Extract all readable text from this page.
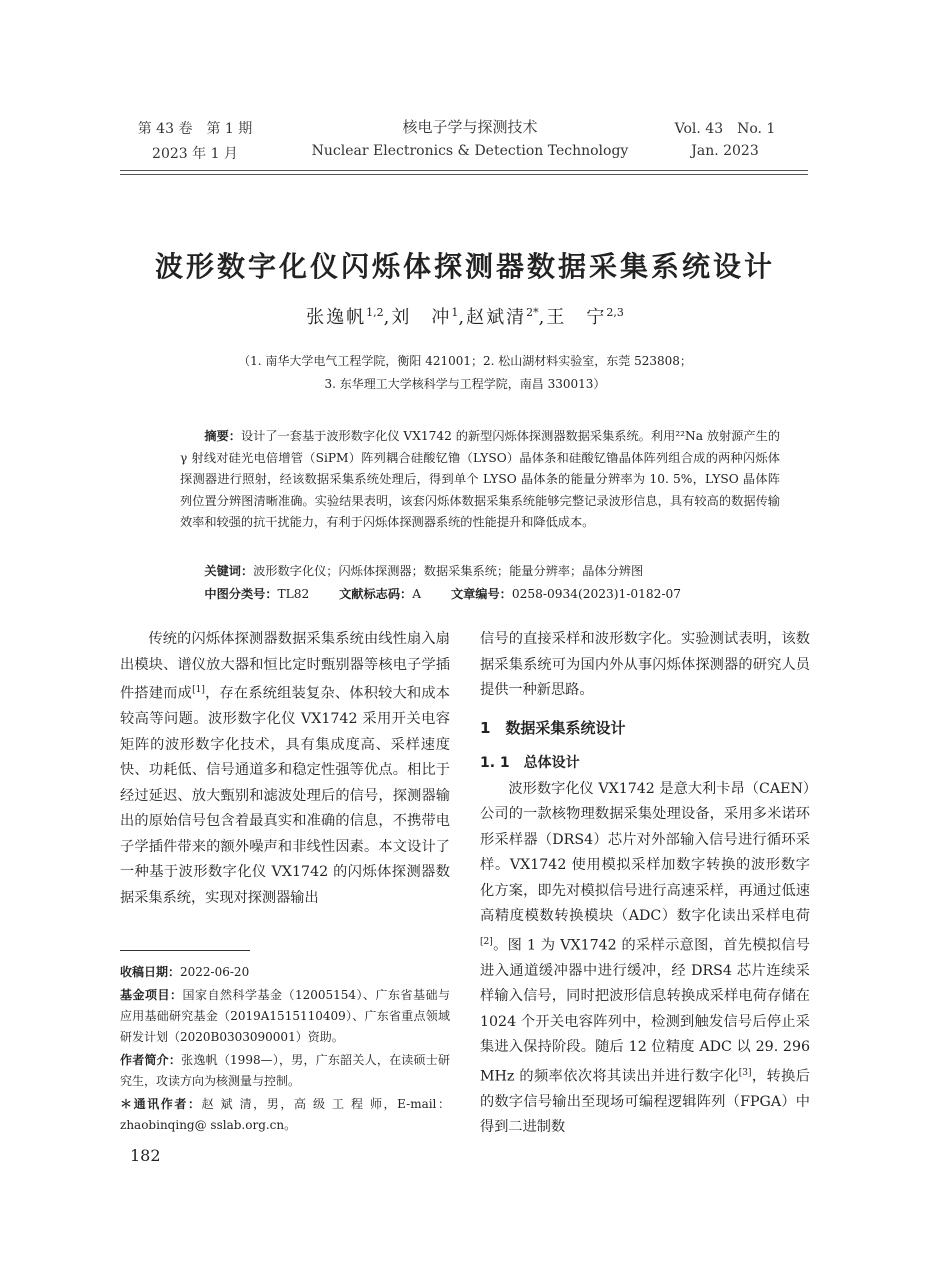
第 43 卷　第 1 期
2023 年 1 月
核电子学与探测技术
Nuclear Electronics & Detection Technology
Vol. 43　No. 1
Jan. 2023
波形数字化仪闪烁体探测器数据采集系统设计
张逸帆$^{1,2}$,刘　冲$^1$,赵斌清$^{2*}$,王　宁$^{2,3}$
（1. 南华大学电气工程学院，衡阳 421001；2. 松山湖材料实验室，东莞 523808；
3. 东华理工大学核科学与工程学院，南昌 330013）
摘要：设计了一套基于波形数字化仪 VX1742 的新型闪烁体探测器数据采集系统。利用²²Na 放射源产生的 γ 射线对硅光电倍增管（SiPM）阵列耦合硅酸钇镥（LYSO）晶体条和硅酸钇镥晶体阵列组合成的两种闪烁体探测器进行照射，经该数据采集系统处理后，得到单个 LYSO 晶体条的能量分辨率为 10. 5%，LYSO 晶体阵列位置分辨图清晰准确。实验结果表明，该套闪烁体数据采集系统能够完整记录波形信息，具有较高的数据传输效率和较强的抗干扰能力，有利于闪烁体探测器系统的性能提升和降低成本。
关键词：波形数字化仪；闪烁体探测器；数据采集系统；能量分辨率；晶体分辨图
中图分类号：TL82 文献标志码：A 文章编号：0258-0934(2023)1-0182-07

传统的闪烁体探测器数据采集系统由线性扇入扇出模块、谱仪放大器和恒比定时甄别器等核电子学插件搭建而成[1]，存在系统组装复杂、体积较大和成本较高等问题。波形数字化仪 VX1742 采用开关电容矩阵的波形数字化技术，具有集成度高、采样速度快、功耗低、信号通道多和稳定性强等优点。相比于经过延迟、放大甄别和滤波处理后的信号，探测器输出的原始信号包含着最真实和准确的信息，不携带电子学插件带来的额外噪声和非线性因素。本文设计了一种基于波形数字化仪 VX1742 的闪烁体探测器数据采集系统，实现对探测器输出

收稿日期：2022-06-20

基金项目：国家自然科学基金（12005154）、广东省基础与应用基础研究基金（2019A1515110409）、广东省重点领域研发计划（2020B0303090001）资助。

作者简介：张逸帆（1998—），男，广东韶关人，在读硕士研究生，攻读方向为核测量与控制。

＊通讯作者：赵 斌 清，男，高 级 工 程 师，E-mail：zhaobinqing@ sslab.org.cn。

182

信号的直接采样和波形数字化。实验测试表明，该数据采集系统可为国内外从事闪烁体探测器的研究人员提供一种新思路。

1　数据采集系统设计
1. 1　总体设计

波形数字化仪 VX1742 是意大利卡昂（CAEN）公司的一款核物理数据采集处理设备，采用多米诺环形采样器（DRS4）芯片对外部输入信号进行循环采样。VX1742 使用模拟采样加数字转换的波形数字化方案，即先对模拟信号进行高速采样，再通过低速高精度模数转换模块（ADC）数字化读出采样电荷[2]。图 1 为 VX1742 的采样示意图，首先模拟信号进入通道缓冲器中进行缓冲，经 DRS4 芯片连续采样输入信号，同时把波形信息转换成采样电荷存储在 1024 个开关电容阵列中，检测到触发信号后停止采集进入保持阶段。随后 12 位精度 ADC 以 29. 296 MHz 的频率依次将其读出并进行数字化[3]，转换后的数字信号输出至现场可编程逻辑阵列（FPGA）中得到二进制数
